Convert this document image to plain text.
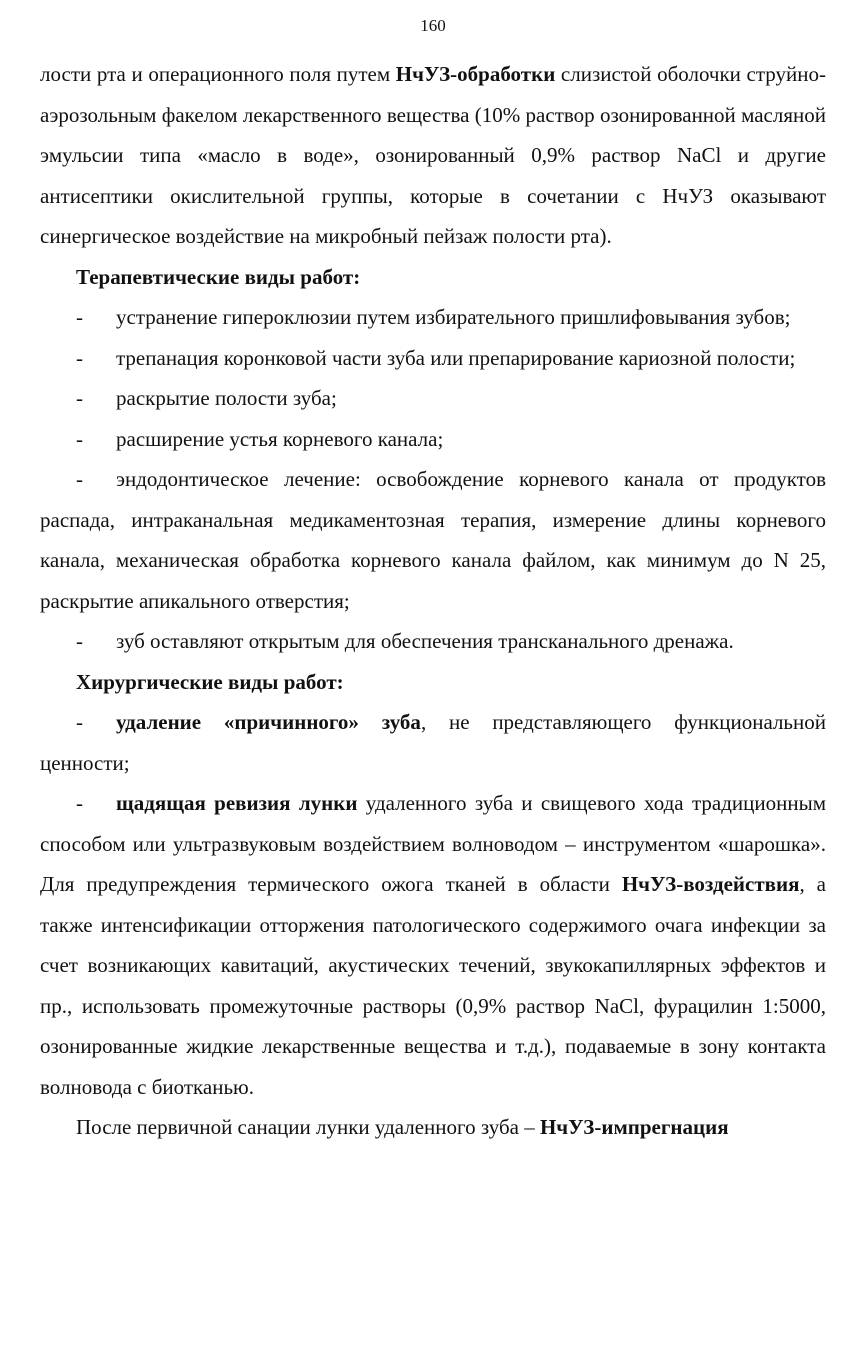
160

лости рта и операционного поля путем НчУЗ-обработки слизистой оболочки струйно-аэрозольным факелом лекарственного вещества (10% раствор озонированной масляной эмульсии типа «масло в воде», озонированный 0,9% раствор NaCl и другие антисептики окислительной группы, которые в сочетании с НчУЗ оказывают синергическое воздействие на микробный пейзаж полости рта).

Терапевтические виды работ:

- устранение гипероклюзии путем избирательного пришлифовывания зубов;

- трепанация коронковой части зуба или препарирование кариозной полости;

- раскрытие полости зуба;

- расширение устья корневого канала;

- эндодонтическое лечение: освобождение корневого канала от продуктов распада, интраканальная медикаментозная терапия, измерение длины корневого канала, механическая обработка корневого канала файлом, как минимум до N 25, раскрытие апикального отверстия;

- зуб оставляют открытым для обеспечения трансканального дренажа.

Хирургические виды работ:

- удаление «причинного» зуба, не представляющего функциональной ценности;

- щадящая ревизия лунки удаленного зуба и свищевого хода традиционным способом или ультразвуковым воздействием волноводом – инструментом «шарошка». Для предупреждения термического ожога тканей в области НчУЗ-воздействия, а также интенсификации отторжения патологического содержимого очага инфекции за счет возникающих кавитаций, акустических течений, звукокапиллярных эффектов и пр., использовать промежуточные растворы (0,9% раствор NaCl, фурацилин 1:5000, озонированные жидкие лекарственные вещества и т.д.), подаваемые в зону контакта волновода с биотканью.

После первичной санации лунки удаленного зуба – НчУЗ-импрегнация
